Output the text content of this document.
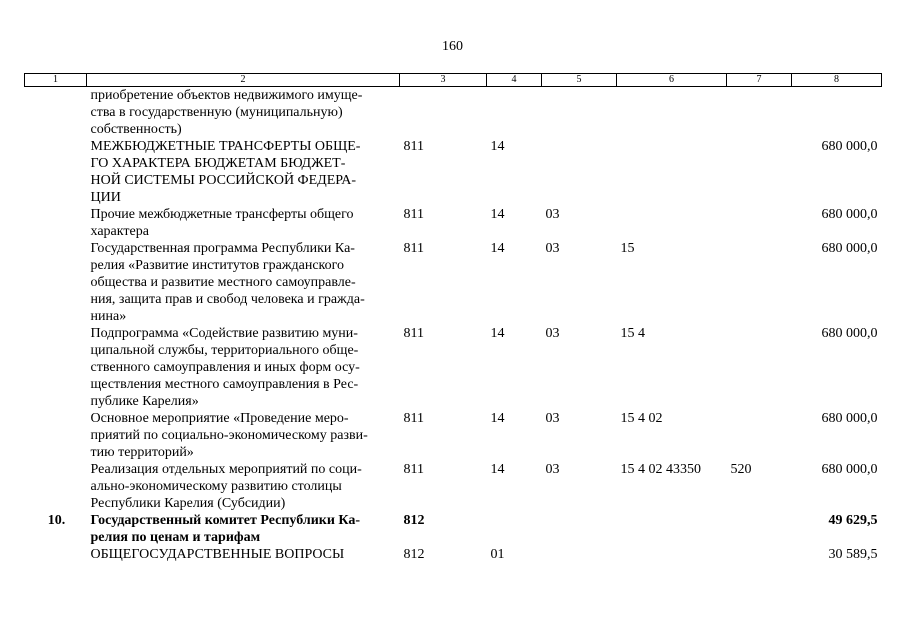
160
1	2	3	4	5	6	7	8
	приобретение объектов недвижимого имуще-
ства в государственную (муниципальную)
собственность)						
	МЕЖБЮДЖЕТНЫЕ ТРАНСФЕРТЫ ОБЩЕ-
ГО ХАРАКТЕРА БЮДЖЕТАМ БЮДЖЕТ-
НОЙ СИСТЕМЫ РОССИЙСКОЙ ФЕДЕРА-
ЦИИ	811	14				680 000,0
	Прочие межбюджетные трансферты общего
характера	811	14	03			680 000,0
	Государственная программа Республики Ка-
релия «Развитие институтов гражданского
общества и развитие местного самоуправле-
ния, защита прав и свобод человека и гражда-
нина»	811	14	03	15		680 000,0
	Подпрограмма «Содействие развитию муни-
ципальной службы, территориального обще-
ственного самоуправления и иных форм осу-
ществления местного самоуправления в Рес-
публике Карелия»	811	14	03	15 4		680 000,0
	Основное мероприятие «Проведение меро-
приятий по социально-экономическому разви-
тию территорий»	811	14	03	15 4 02		680 000,0
	Реализация отдельных мероприятий по соци-
ально-экономическому развитию столицы
Республики Карелия (Субсидии)	811	14	03	15 4 02 43350	520	680 000,0
10.	Государственный комитет Республики Ка-
релия по ценам и тарифам	812					49 629,5
	ОБЩЕГОСУДАРСТВЕННЫЕ ВОПРОСЫ	812	01				30 589,5
